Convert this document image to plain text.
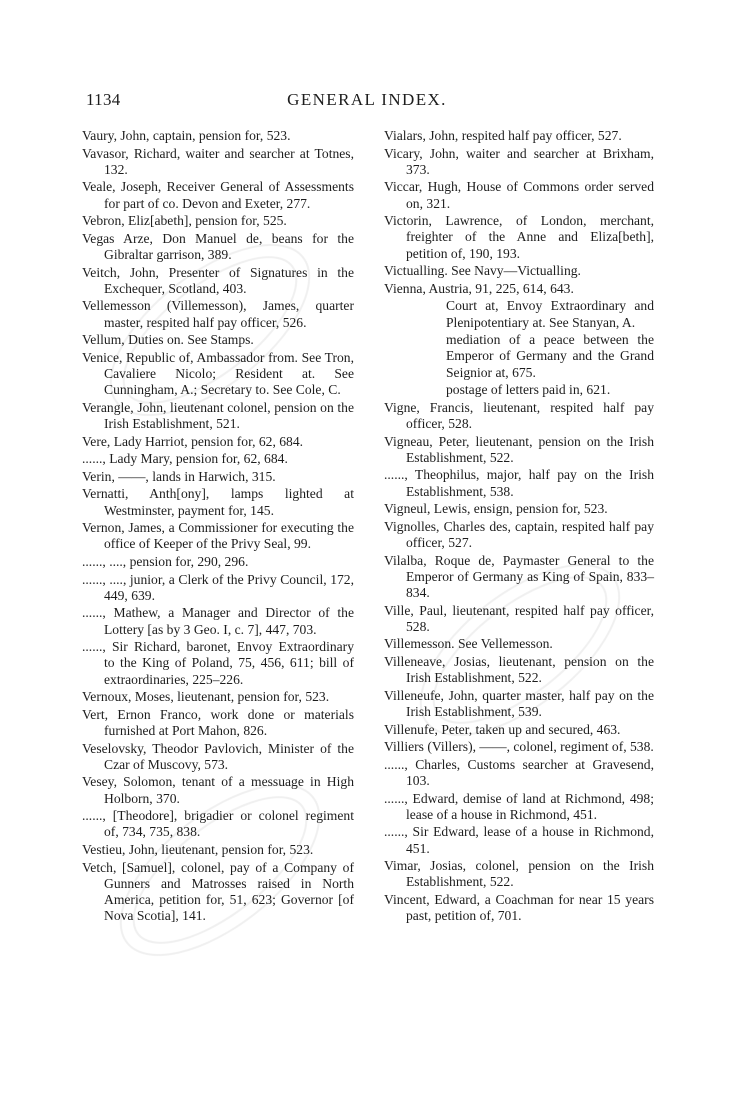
1134	GENERAL INDEX.
Vaury, John, captain, pension for, 523.
Vavasor, Richard, waiter and searcher at Totnes, 132.
Veale, Joseph, Receiver General of Assessments for part of co. Devon and Exeter, 277.
Vebron, Eliz[abeth], pension for, 525.
Vegas Arze, Don Manuel de, beans for the Gibraltar garrison, 389.
Veitch, John, Presenter of Signatures in the Exchequer, Scotland, 403.
Vellemesson (Villemesson), James, quarter master, respited half pay officer, 526.
Vellum, Duties on. See Stamps.
Venice, Republic of, Ambassador from. See Tron, Cavaliere Nicolo; Resident at. See Cunningham, A.; Secretary to. See Cole, C.
Verangle, John, lieutenant colonel, pension on the Irish Establishment, 521.
Vere, Lady Harriot, pension for, 62, 684.
......, Lady Mary, pension for, 62, 684.
Verin, ——, lands in Harwich, 315.
Vernatti, Anth[ony], lamps lighted at Westminster, payment for, 145.
Vernon, James, a Commissioner for executing the office of Keeper of the Privy Seal, 99.
......, ...., pension for, 290, 296.
......, ...., junior, a Clerk of the Privy Council, 172, 449, 639.
......, Mathew, a Manager and Director of the Lottery [as by 3 Geo. I, c. 7], 447, 703.
......, Sir Richard, baronet, Envoy Extraordinary to the King of Poland, 75, 456, 611; bill of extraordinaries, 225–226.
Vernoux, Moses, lieutenant, pension for, 523.
Vert, Ernon Franco, work done or materials furnished at Port Mahon, 826.
Veselovsky, Theodor Pavlovich, Minister of the Czar of Muscovy, 573.
Vesey, Solomon, tenant of a messuage in High Holborn, 370.
......, [Theodore], brigadier or colonel regiment of, 734, 735, 838.
Vestieu, John, lieutenant, pension for, 523.
Vetch, [Samuel], colonel, pay of a Company of Gunners and Matrosses raised in North America, petition for, 51, 623; Governor [of Nova Scotia], 141.
Vialars, John, respited half pay officer, 527.
Vicary, John, waiter and searcher at Brixham, 373.
Viccar, Hugh, House of Commons order served on, 321.
Victorin, Lawrence, of London, merchant, freighter of the Anne and Eliza[beth], petition of, 190, 193.
Victualling. See Navy—Victualling.
Vienna, Austria, 91, 225, 614, 643.
Court at, Envoy Extraordinary and Plenipotentiary at. See Stanyan, A.
mediation of a peace between the Emperor of Germany and the Grand Seignior at, 675.
postage of letters paid in, 621.
Vigne, Francis, lieutenant, respited half pay officer, 528.
Vigneau, Peter, lieutenant, pension on the Irish Establishment, 522.
......, Theophilus, major, half pay on the Irish Establishment, 538.
Vigneul, Lewis, ensign, pension for, 523.
Vignolles, Charles des, captain, respited half pay officer, 527.
Vilalba, Roque de, Paymaster General to the Emperor of Germany as King of Spain, 833–834.
Ville, Paul, lieutenant, respited half pay officer, 528.
Villemesson. See Vellemesson.
Villeneave, Josias, lieutenant, pension on the Irish Establishment, 522.
Villeneufe, John, quarter master, half pay on the Irish Establishment, 539.
Villenufe, Peter, taken up and secured, 463.
Villiers (Villers), ——, colonel, regiment of, 538.
......, Charles, Customs searcher at Gravesend, 103.
......, Edward, demise of land at Richmond, 498; lease of a house in Richmond, 451.
......, Sir Edward, lease of a house in Richmond, 451.
Vimar, Josias, colonel, pension on the Irish Establishment, 522.
Vincent, Edward, a Coachman for near 15 years past, petition of, 701.
